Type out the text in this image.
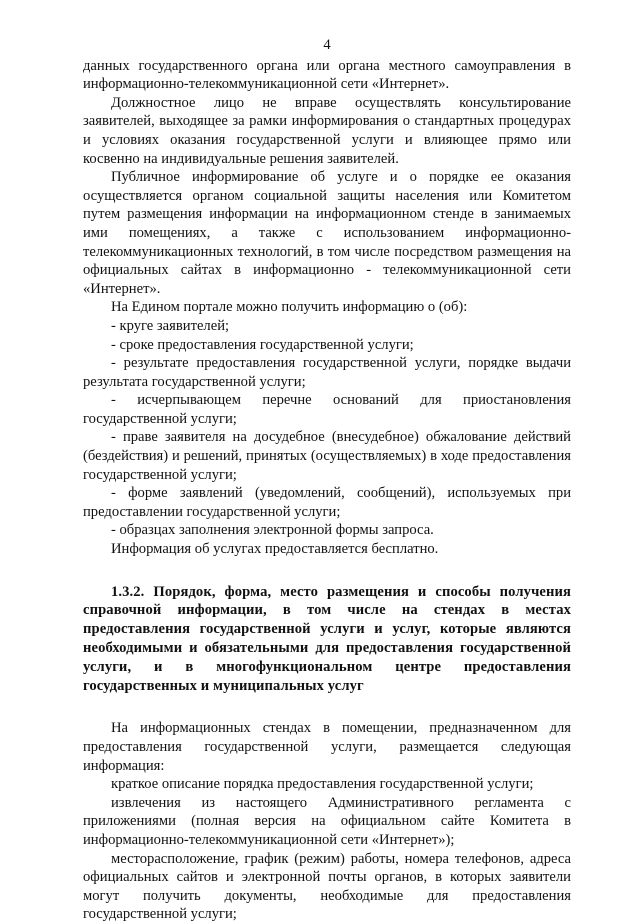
4

данных государственного органа или органа местного самоуправления в информационно-телекоммуникационной сети «Интернет».

Должностное лицо не вправе осуществлять консультирование заявителей, выходящее за рамки информирования о стандартных процедурах и условиях оказания государственной услуги и влияющее прямо или косвенно на индивидуальные решения заявителей.

Публичное информирование об услуге и о порядке ее оказания осуществляется органом социальной защиты населения или Комитетом путем размещения информации на информационном стенде в занимаемых ими помещениях, а также с использованием информационно-телекоммуникационных технологий, в том числе посредством размещения на официальных сайтах в информационно - телекоммуникационной сети «Интернет».

На Едином портале можно получить информацию о (об):

- круге заявителей;

- сроке предоставления государственной услуги;

- результате предоставления государственной услуги, порядке выдачи результата государственной услуги;

- исчерпывающем перечне оснований для приостановления государственной услуги;

- праве заявителя на досудебное (внесудебное) обжалование действий (бездействия) и решений, принятых (осуществляемых) в ходе предоставления государственной услуги;

- форме заявлений (уведомлений, сообщений), используемых при предоставлении государственной услуги;

- образцах заполнения электронной формы запроса.

Информация об услугах предоставляется бесплатно.

1.3.2. Порядок, форма, место размещения и способы получения справочной информации, в том числе на стендах в местах предоставления государственной услуги и услуг, которые являются необходимыми и обязательными для предоставления государственной услуги, и в многофункциональном центре предоставления государственных и муниципальных услуг

На информационных стендах в помещении, предназначенном для предоставления государственной услуги, размещается следующая информация:

краткое описание порядка предоставления государственной услуги;

извлечения из настоящего Административного регламента с приложениями (полная версия на официальном сайте Комитета в информационно-телекоммуникационной сети «Интернет»);

месторасположение, график (режим) работы, номера телефонов, адреса официальных сайтов и электронной почты органов, в которых заявители могут получить документы, необходимые для предоставления государственной услуги;
